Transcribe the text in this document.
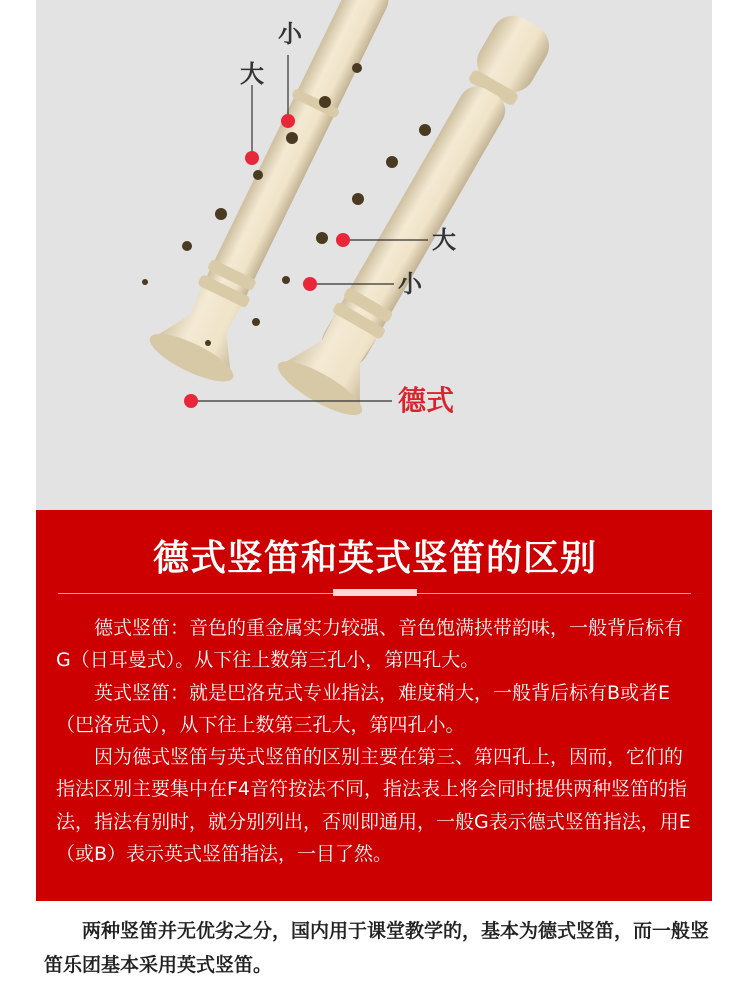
小
大
大
小
德式
德式竖笛和英式竖笛的区别

德式竖笛：音色的重金属实力较强、音色饱满挟带韵味，一般背后标有G（日耳曼式）。从下往上数第三孔小，第四孔大。

英式竖笛：就是巴洛克式专业指法，难度稍大，一般背后标有B或者E（巴洛克式），从下往上数第三孔大，第四孔小。

因为德式竖笛与英式竖笛的区别主要在第三、第四孔上，因而，它们的指法区别主要集中在F4音符按法不同，指法表上将会同时提供两种竖笛的指法，指法有别时，就分别列出，否则即通用，一般G表示德式竖笛指法，用E（或B）表示英式竖笛指法，一目了然。

两种竖笛并无优劣之分，国内用于课堂教学的，基本为德式竖笛，而一般竖笛乐团基本采用英式竖笛。
